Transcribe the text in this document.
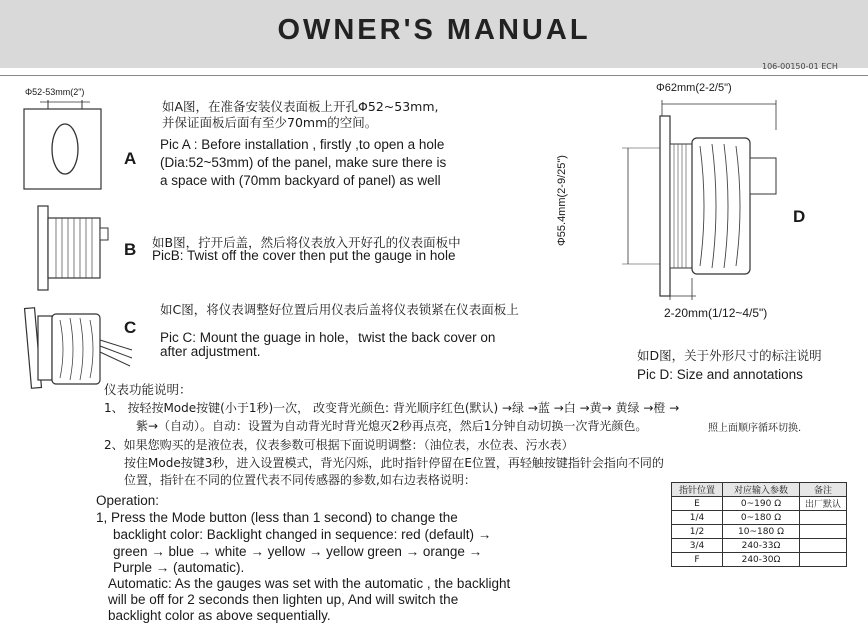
OWNER'S MANUAL
106-00150-01 ECH
Φ52-53mm(2")
A
如A图，在准备安装仪表面板上开孔Φ52~53mm,
并保证面板后面有至少70mm的空间。
Pic A : Before installation , firstly ,to open a hole
(Dia:52~53mm) of the panel, make sure there is
a space with (70mm backyard of panel) as well
B 如B图，拧开后盖，然后将仪表放入开好孔的仪表面板中
PicB: Twist off the cover then put the gauge in hole
C
如C图，将仪表调整好位置后用仪表后盖将仪表锁紧在仪表面板上
Pic C: Mount the guage in hole，twist the back cover on
after adjustment.
Φ62mm(2-2/5")
Φ55.4mm(2-9/25")	D
2-20mm(1/12~4/5")
如D图，关于外形尺寸的标注说明
Pic D: Size and annotations
仪表功能说明：
1、 按轻按Mode按键(小于1秒)一次， 改变背光颜色: 背光顺序红色(默认) →绿 →蓝 →白 →黄→ 黄绿 →橙 →
紫→（自动）。自动：设置为自动背光时背光熄灭2秒再点亮，然后1分钟自动切换一次背光颜色。	照上面顺序循环切换.
2、如果您购买的是液位表，仪表参数可根据下面说明调整：（油位表，水位表、污水表）
按住Mode按键3秒，进入设置模式，背光闪烁，此时指针停留在E位置，再轻触按键指针会指向不同的
位置，指针在不同的位置代表不同传感器的参数,如右边表格说明：
Operation:
1, Press the Mode button (less than 1 second) to change the
backlight color: Backlight changed in sequence: red (default) →
green → blue → white → yellow → yellow green → orange →
Purple → (automatic).
Automatic: As the gauges was set with the automatic , the backlight
will be off for 2 seconds then lighten up, And will switch the
backlight color as above sequentially.
指针位置	对应输入参数	备注
E	0~190 Ω	出厂默认
1/4	0~180 Ω	
1/2	10~180 Ω	
3/4	240-33Ω	
F	240-30Ω	
